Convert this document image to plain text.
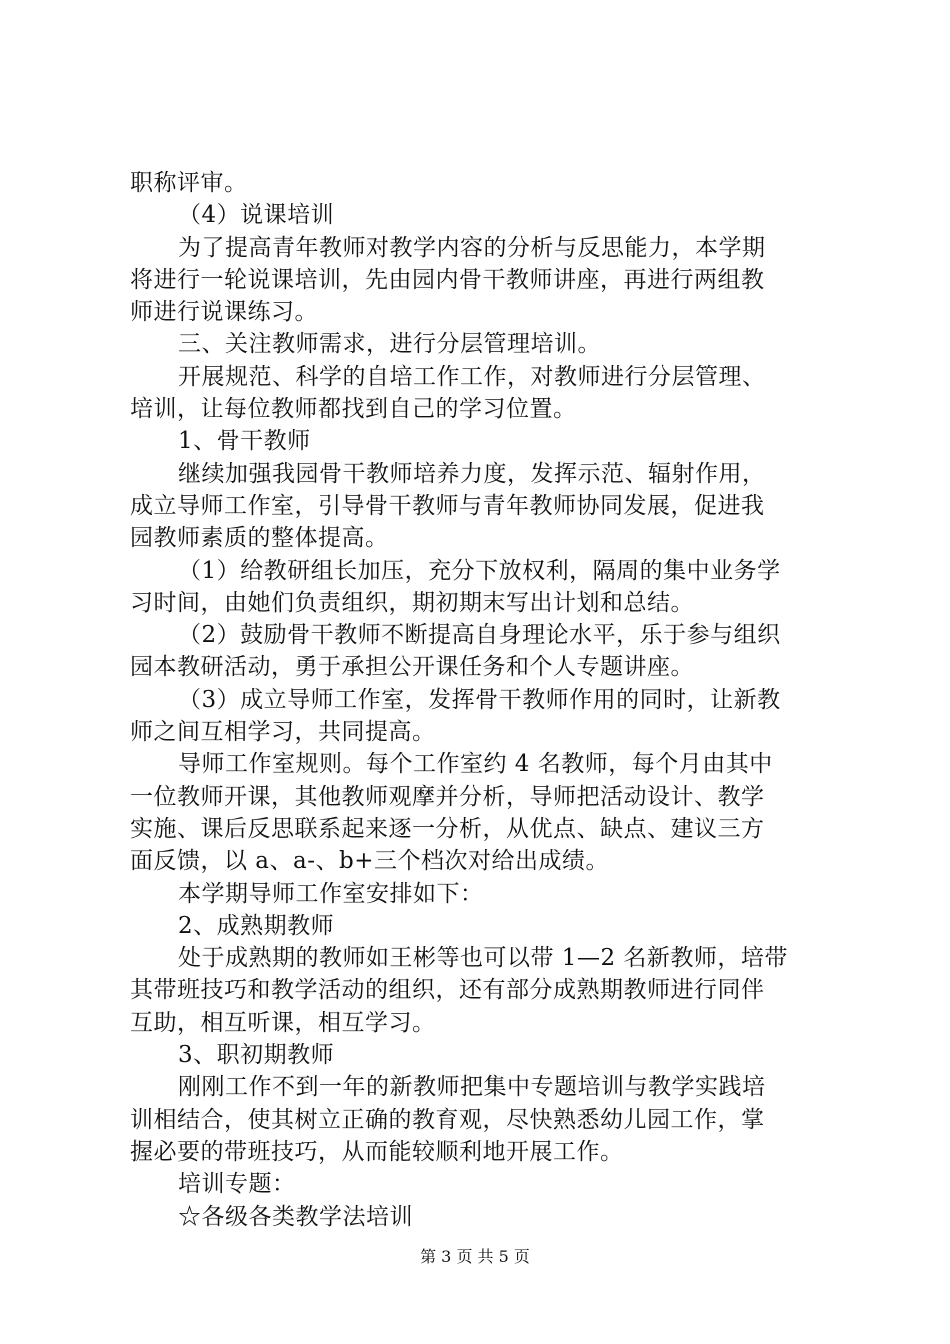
职称评审。
（4）说课培训
为了提高青年教师对教学内容的分析与反思能力，本学期
将进行一轮说课培训，先由园内骨干教师讲座，再进行两组教
师进行说课练习。
三、关注教师需求，进行分层管理培训。
开展规范、科学的自培工作工作，对教师进行分层管理、
培训，让每位教师都找到自己的学习位置。
1、骨干教师
继续加强我园骨干教师培养力度，发挥示范、辐射作用，
成立导师工作室，引导骨干教师与青年教师协同发展，促进我
园教师素质的整体提高。
（1）给教研组长加压，充分下放权利，隔周的集中业务学
习时间，由她们负责组织，期初期末写出计划和总结。
（2）鼓励骨干教师不断提高自身理论水平，乐于参与组织
园本教研活动，勇于承担公开课任务和个人专题讲座。
（3）成立导师工作室，发挥骨干教师作用的同时，让新教
师之间互相学习，共同提高。
导师工作室规则。每个工作室约 4 名教师，每个月由其中
一位教师开课，其他教师观摩并分析，导师把活动设计、教学
实施、课后反思联系起来逐一分析，从优点、缺点、建议三方
面反馈，以 a、a-、b+三个档次对给出成绩。
本学期导师工作室安排如下：
2、成熟期教师
处于成熟期的教师如王彬等也可以带 1—2 名新教师，培带
其带班技巧和教学活动的组织，还有部分成熟期教师进行同伴
互助，相互听课，相互学习。
3、职初期教师
刚刚工作不到一年的新教师把集中专题培训与教学实践培
训相结合，使其树立正确的教育观，尽快熟悉幼儿园工作，掌
握必要的带班技巧，从而能较顺利地开展工作。
培训专题：
☆各级各类教学法培训
第 3 页 共 5 页
